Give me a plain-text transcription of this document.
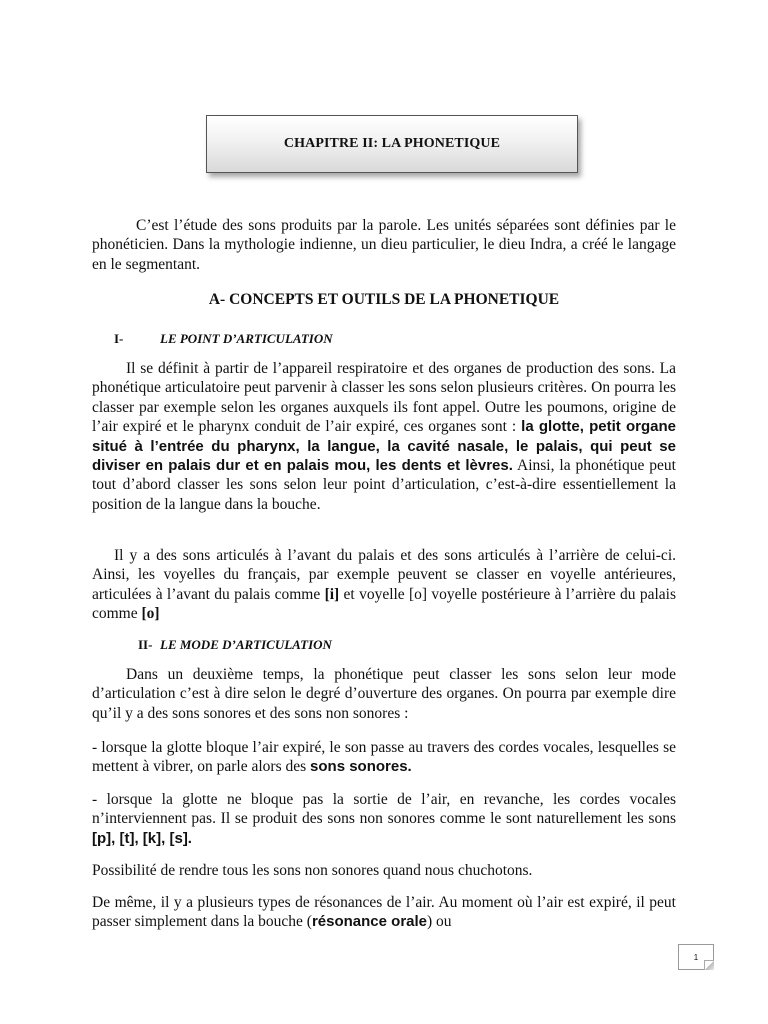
CHAPITRE II: LA PHONETIQUE

C’est l’étude des sons produits par la parole. Les unités séparées sont définies par le phonéticien. Dans la mythologie indienne, un dieu particulier, le dieu Indra, a créé le langage en le segmentant.

A- CONCEPTS ET OUTILS DE LA PHONETIQUE

I-	LE POINT D’ARTICULATION

Il se définit à partir de l’appareil respiratoire et des organes de production des sons. La phonétique articulatoire peut parvenir à classer les sons selon plusieurs critères. On pourra les classer par exemple selon les organes auxquels ils font appel. Outre les poumons, origine de l’air expiré et le pharynx conduit de l’air expiré, ces organes sont : la glotte, petit organe situé à l’entrée du pharynx, la langue, la cavité nasale, le palais, qui peut se diviser en palais dur et en palais mou, les dents et lèvres. Ainsi, la phonétique peut tout d’abord classer les sons selon leur point d’articulation, c’est-à-dire essentiellement la position de la langue dans la bouche.

Il y a des sons articulés à l’avant du palais et des sons articulés à l’arrière de celui-ci. Ainsi, les voyelles du français, par exemple peuvent se classer en voyelle antérieures, articulées à l’avant du palais comme [i] et voyelle [o] voyelle postérieure à l’arrière du palais comme [o]

II- LE MODE D’ARTICULATION

Dans un deuxième temps, la phonétique peut classer les sons selon leur mode d’articulation c’est à dire selon le degré d’ouverture des organes. On pourra par exemple dire qu’il y a des sons sonores et des sons non sonores :

- lorsque la glotte bloque l’air expiré, le son passe au travers des cordes vocales, lesquelles se mettent à vibrer, on parle alors des sons sonores.

- lorsque la glotte ne bloque pas la sortie de l’air, en revanche, les cordes vocales n’interviennent pas. Il se produit des sons non sonores comme le sont naturellement les sons [p], [t], [k], [s].

Possibilité de rendre tous les sons non sonores quand nous chuchotons.

De même, il y a plusieurs types de résonances de l’air. Au moment où l’air est expiré, il peut passer simplement dans la bouche (résonance orale) ou

1
